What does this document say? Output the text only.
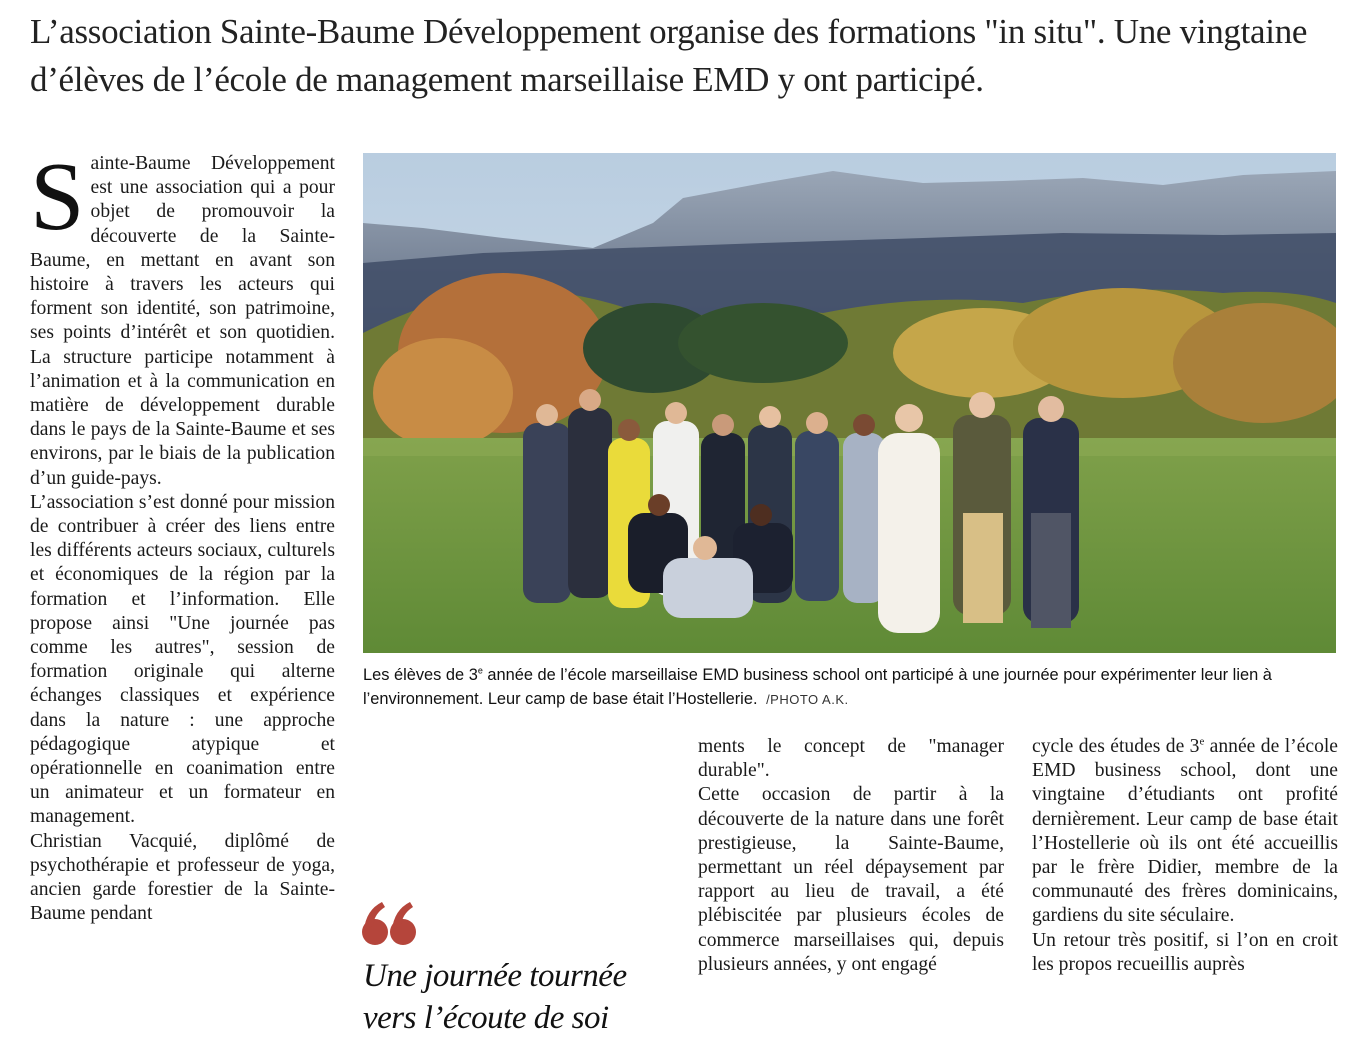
L’association Sainte-Baume Développement organise des formations "in situ". Une vingtaine d’élèves de l’école de management marseillaise EMD y ont participé.

Sainte-Baume Développement est une association qui a pour objet de promouvoir la découverte de la Sainte-Baume, en mettant en avant son histoire à travers les acteurs qui forment son identité, son patrimoine, ses points d’intérêt et son quotidien. La structure participe notamment à l’animation et à la communication en matière de développement durable dans le pays de la Sainte-Baume et ses environs, par le biais de la publication d’un guide-pays.

L’association s’est donné pour mission de contribuer à créer des liens entre les différents acteurs sociaux, culturels et économiques de la région par la formation et l’information. Elle propose ainsi "Une journée pas comme les autres", session de formation originale qui alterne échanges classiques et expérience dans la nature : une approche pédagogique atypique et opérationnelle en coanimation entre un animateur et un formateur en management.

Christian Vacquié, diplômé de psychothérapie et professeur de yoga, ancien garde forestier de la Sainte-Baume pendant

Les élèves de 3e année de l’école marseillaise EMD business school ont participé à une journée pour expérimenter leur lien à l’environnement. Leur camp de base était l’Hostellerie. /PHOTO A.K.

Une journée tournée vers l’écoute de soi

ments le concept de "manager durable".

Cette occasion de partir à la découverte de la nature dans une forêt prestigieuse, la Sainte-Baume, permettant un réel dépaysement par rapport au lieu de travail, a été plébiscitée par plusieurs écoles de commerce marseillaises qui, depuis plusieurs années, y ont engagé

cycle des études de 3e année de l’école EMD business school, dont une vingtaine d’étudiants ont profité dernièrement. Leur camp de base était l’Hostellerie où ils ont été accueillis par le frère Didier, membre de la communauté des frères dominicains, gardiens du site séculaire.

Un retour très positif, si l’on en croit les propos recueillis auprès
